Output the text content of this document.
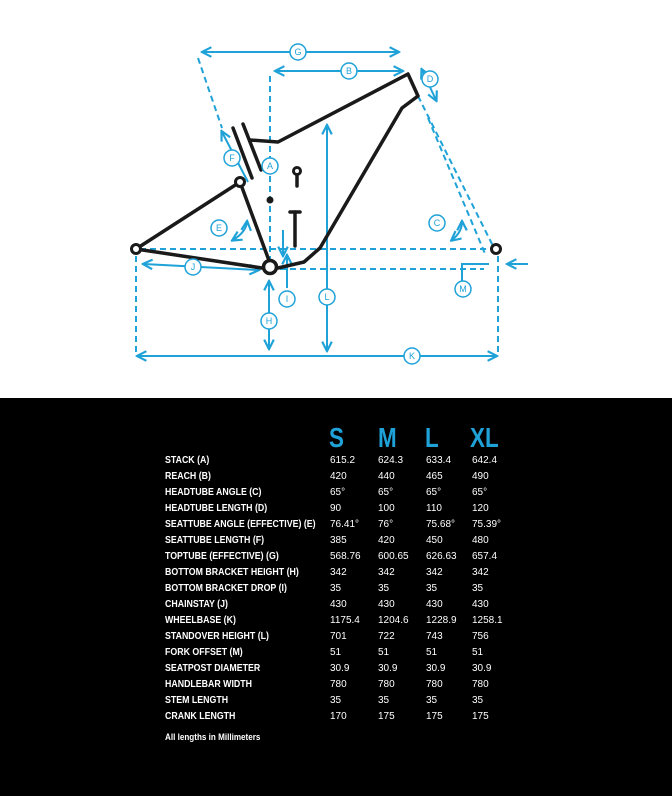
A
B
C
D
E
F
G
H
I
J
K
L
M
S M L XL
STACK (A)	615.2 624.3 633.4 642.4
REACH (B)	420	440	465	490
HEADTUBE ANGLE (C)	65°	65°	65°	65°
HEADTUBE LENGTH (D)	90	100	110	120
SEATTUBE ANGLE (EFFECTIVE) (E) 76.41° 76°	75.68° 75.39°
SEATTUBE LENGTH (F)	385	420	450	480
TOPTUBE (EFFECTIVE) (G)	568.76 600.65 626.63 657.4
BOTTOM BRACKET HEIGHT (H)	342	342	342	342
BOTTOM BRACKET DROP (I)	35	35	35	35
CHAINSTAY (J)	430	430	430	430
WHEELBASE (K)	1175.4 1204.6 1228.9 1258.1
STANDOVER HEIGHT (L)	701	722	743	756
FORK OFFSET (M)	51	51	51	51
SEATPOST DIAMETER	30.9	30.9	30.9	30.9
HANDLEBAR WIDTH	780	780	780	780
STEM LENGTH	35	35	35	35
CRANK LENGTH	170	175	175	175
All lengths in Millimeters
